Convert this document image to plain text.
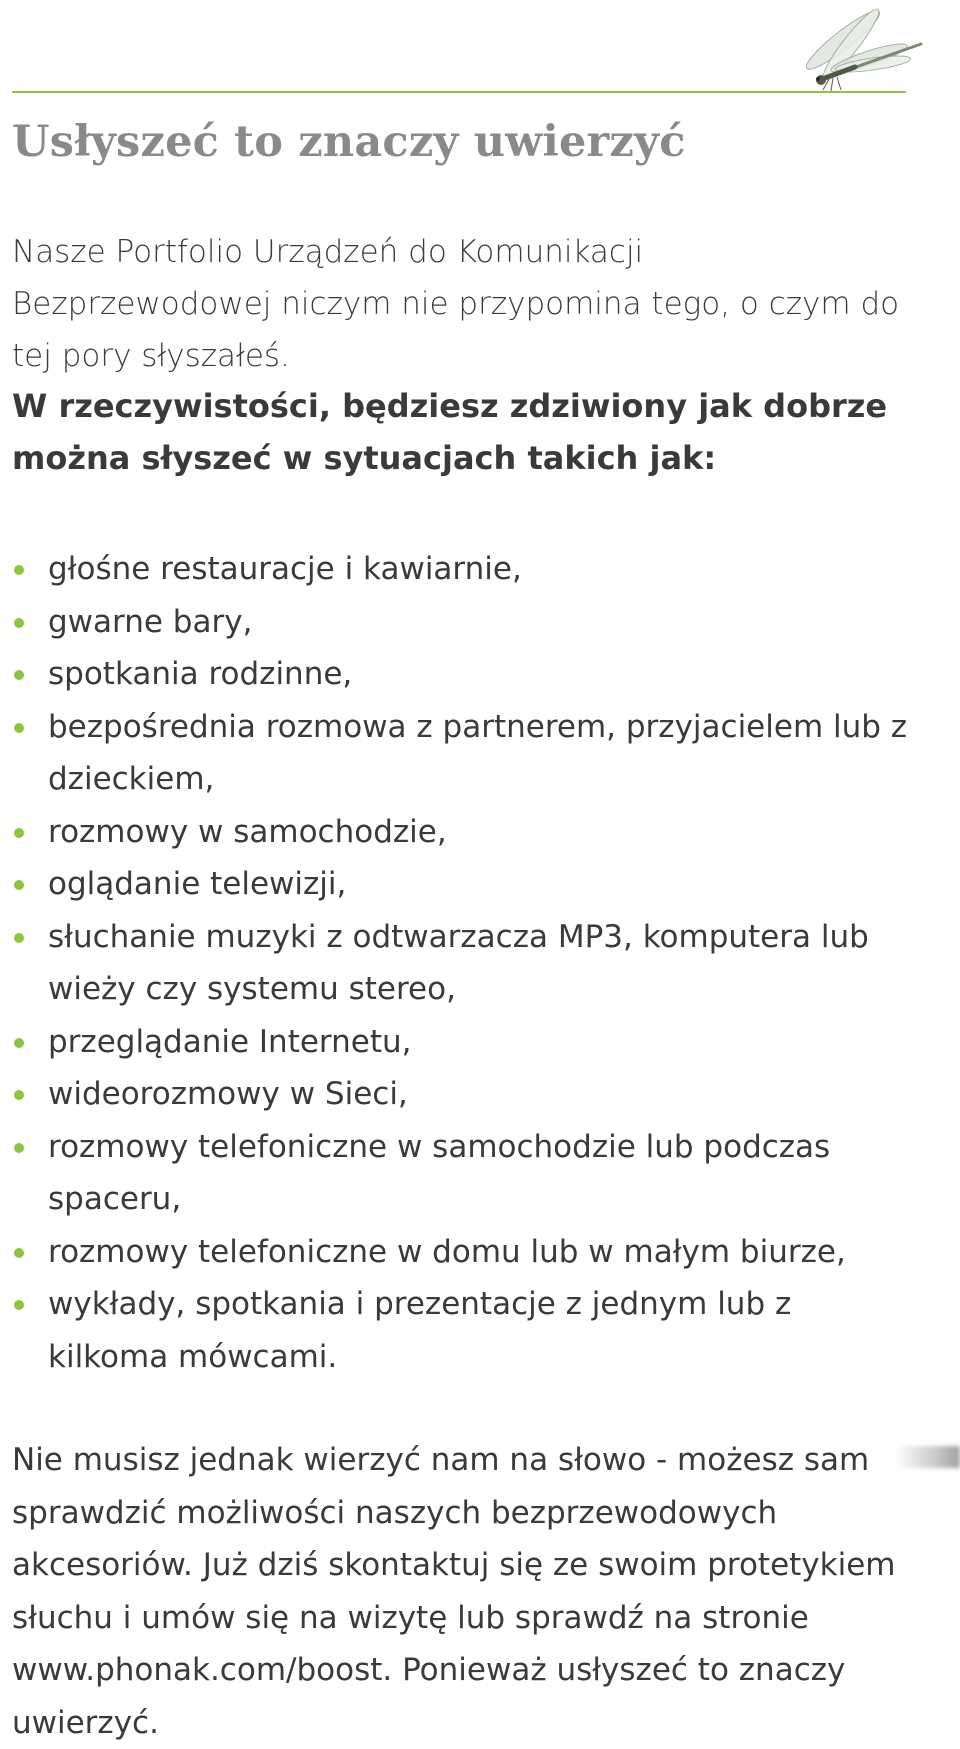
Usłyszeć to znaczy uwierzyć

Nasze Portfolio Urządzeń do Komunikacji Bezprzewodowej niczym nie przypomina tego, o czym do tej pory słyszałeś.

W rzeczywistości, będziesz zdziwiony jak dobrze można słyszeć w sytuacjach takich jak:

głośne restauracje i kawiarnie,
gwarne bary,
spotkania rodzinne,
bezpośrednia rozmowa z partnerem, przyjacielem lub z dzieckiem,
rozmowy w samochodzie,
oglądanie telewizji,
słuchanie muzyki z odtwarzacza MP3, komputera lub wieży czy systemu stereo,
przeglądanie Internetu,
wideorozmowy w Sieci,
rozmowy telefoniczne w samochodzie lub podczas spaceru,
rozmowy telefoniczne w domu lub w małym biurze,
wykłady, spotkania i prezentacje z jednym lub z kilkoma mówcami.

Nie musisz jednak wierzyć nam na słowo - możesz sam sprawdzić możliwości naszych bezprzewodowych akcesoriów. Już dziś skontaktuj się ze swoim protetykiem słuchu i umów się na wizytę lub sprawdź na stronie www.phonak.com/boost. Ponieważ usłyszeć to znaczy uwierzyć.
